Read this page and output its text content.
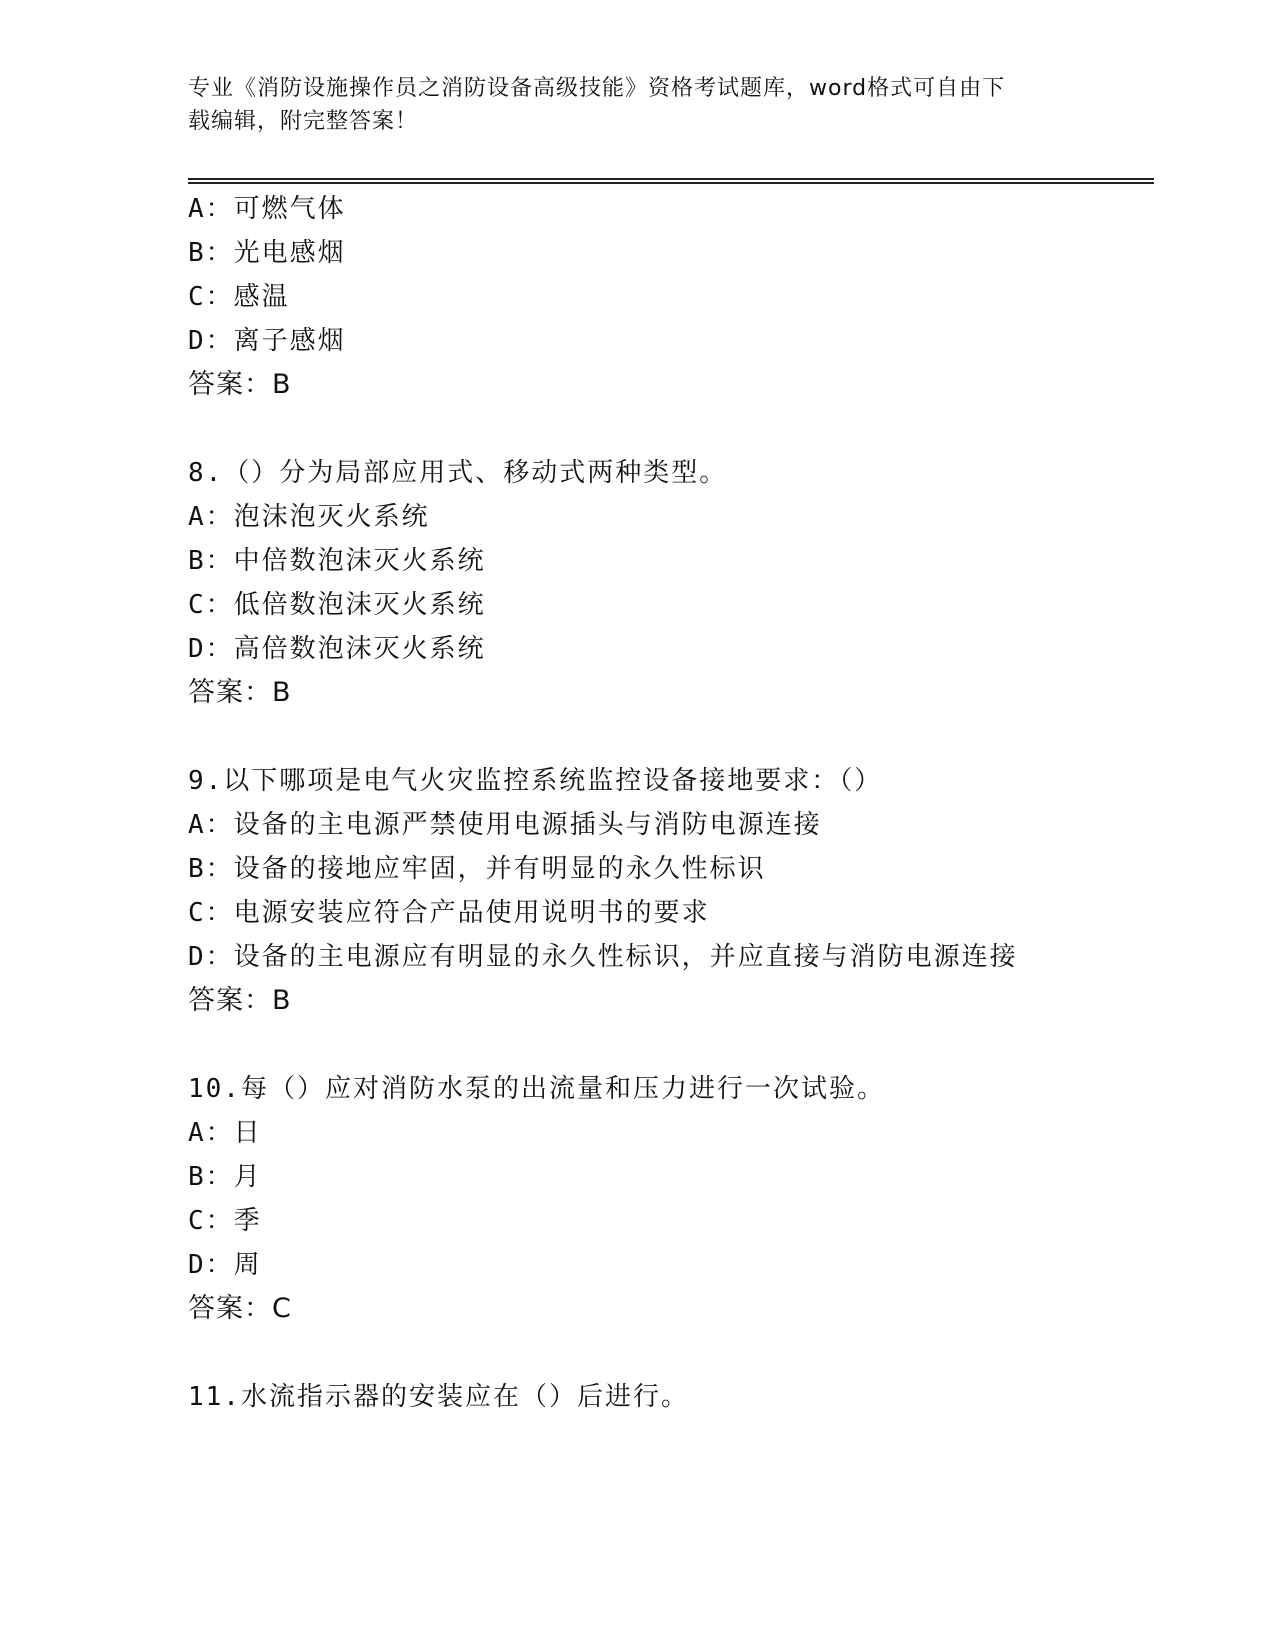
专业《消防设施操作员之消防设备高级技能》资格考试题库，word格式可自由下
载编辑，附完整答案！
A：可燃气体
B：光电感烟
C：感温
D：离子感烟
答案：B
8.（）分为局部应用式、移动式两种类型。
A：泡沫泡灭火系统
B：中倍数泡沫灭火系统
C：低倍数泡沫灭火系统
D：高倍数泡沫灭火系统
答案：B
9.以下哪项是电气火灾监控系统监控设备接地要求：（）
A：设备的主电源严禁使用电源插头与消防电源连接
B：设备的接地应牢固，并有明显的永久性标识
C：电源安装应符合产品使用说明书的要求
D：设备的主电源应有明显的永久性标识，并应直接与消防电源连接
答案：B
10.每（）应对消防水泵的出流量和压力进行一次试验。
A：日
B：月
C：季
D：周
答案：C
11.水流指示器的安装应在（）后进行。
